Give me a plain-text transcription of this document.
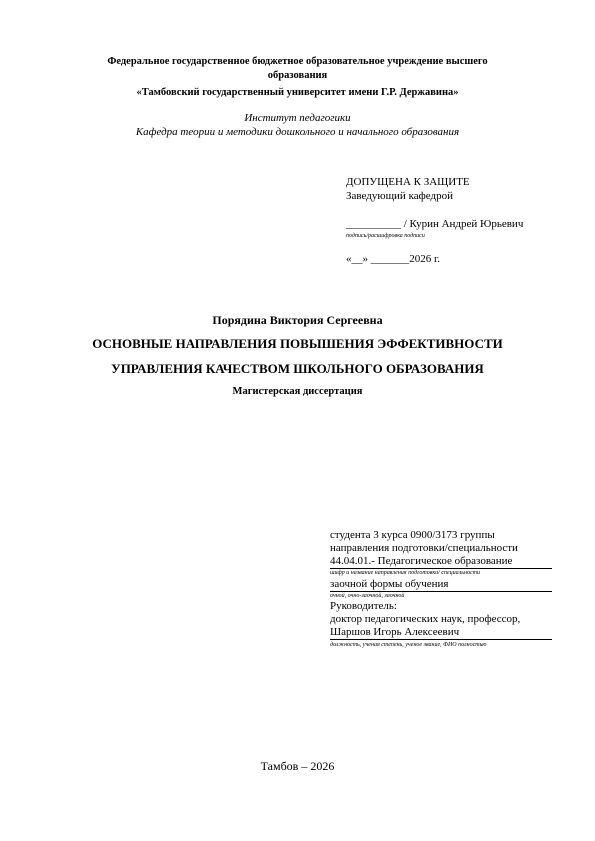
Федеральное государственное бюджетное образовательное учреждение высшего
образования
«Тамбовский государственный университет имени Г.Р. Державина»
Институт педагогики
Кафедра теории и методики дошкольного и начального образования
ДОПУЩЕНА К ЗАЩИТЕ
Заведующий кафедрой
__________ / Курин Андрей Юрьевич
подпись/расшифровка подписи
«__» _______2026 г.
Порядина Виктория Сергеевна
ОСНОВНЫЕ НАПРАВЛЕНИЯ ПОВЫШЕНИЯ ЭФФЕКТИВНОСТИ
УПРАВЛЕНИЯ КАЧЕСТВОМ ШКОЛЬНОГО ОБРАЗОВАНИЯ
Магистерская диссертация
студента 3 курса 0900/3173 группы
направления подготовки/специальности
44.04.01.- Педагогическое образование
шифр и название направления подготовки/ специальности
заочной формы обучения
очной, очно-заочной, заочной
Руководитель:
доктор педагогических наук, профессор,
Шаршов Игорь Алексеевич
должность, ученая степень, ученое звание, ФИО полностью
Тамбов – 2026
